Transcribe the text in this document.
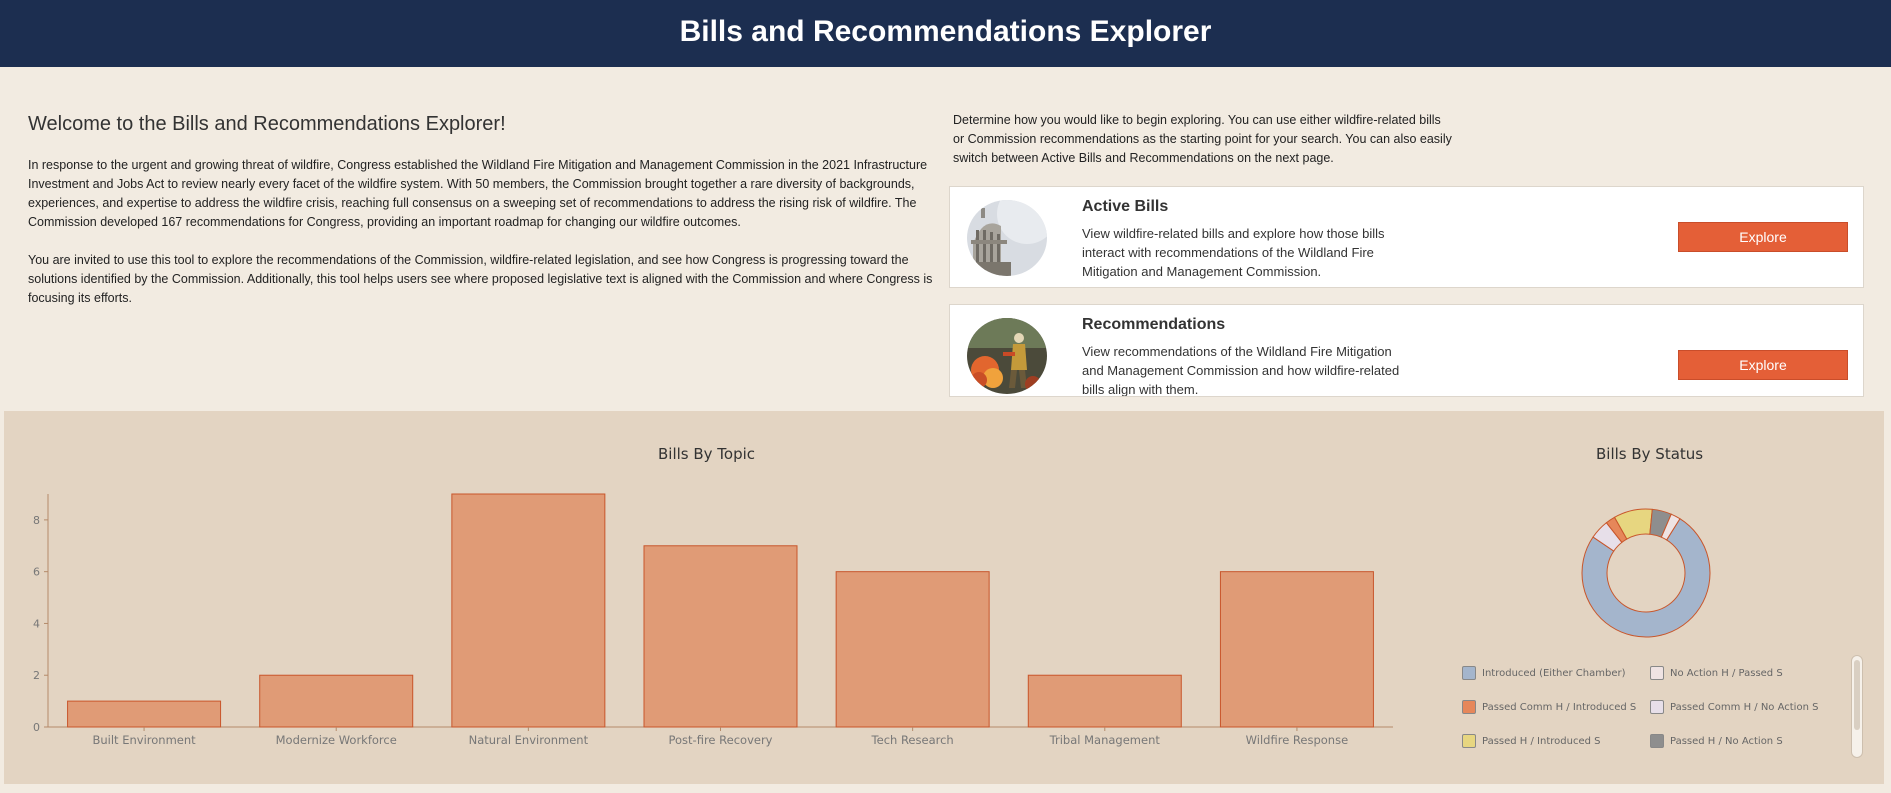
Bills and Recommendations Explorer
Welcome to the Bills and Recommendations Explorer!

In response to the urgent and growing threat of wildfire, Congress established the Wildland Fire Mitigation and Management Commission in the 2021 Infrastructure Investment and Jobs Act to review nearly every facet of the wildfire system. With 50 members, the Commission brought together a rare diversity of backgrounds, experiences, and expertise to address the wildfire crisis, reaching full consensus on a sweeping set of recommendations to address the rising risk of wildfire. The Commission developed 167 recommendations for Congress, providing an important roadmap for changing our wildfire outcomes.

You are invited to use this tool to explore the recommendations of the Commission, wildfire-related legislation, and see how Congress is progressing toward the solutions identified by the Commission. Additionally, this tool helps users see where proposed legislative text is aligned with the Commission and where Congress is focusing its efforts.

Determine how you would like to begin exploring. You can use either wildfire-related bills or Commission recommendations as the starting point for your search. You can also easily switch between Active Bills and Recommendations on the next page.
Active Bills
View wildfire-related bills and explore how those bills interact with recommendations of the Wildland Fire Mitigation and Management Commission.
Explore
Recommendations
View recommendations of the Wildland Fire Mitigation and Management Commission and how wildfire-related bills align with them.
Explore
Bills By Topic	Bills By Status
0
2
4
6
8
Built Environment	Modernize Workforce	Natural Environment	Post-fire Recovery	Tech Research	Tribal Management	Wildfire Response
Introduced (Either Chamber)	No Action H / Passed S
Passed Comm H / Introduced S	Passed Comm H / No Action S
Passed H / Introduced S	Passed H / No Action S
